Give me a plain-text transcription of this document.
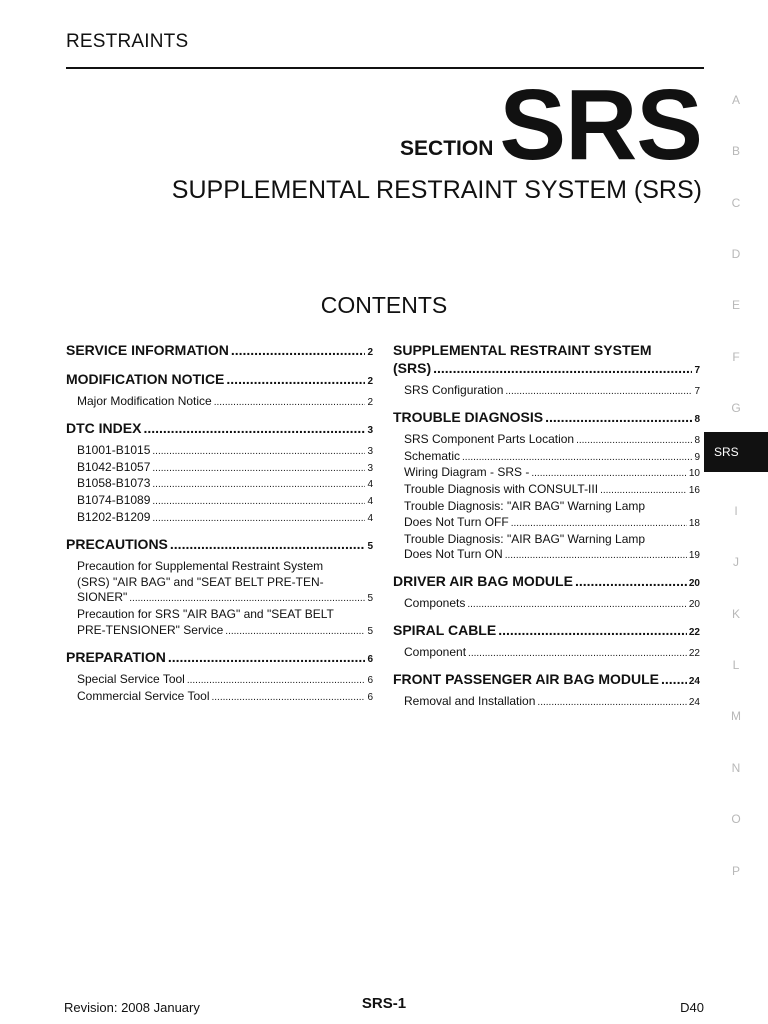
RESTRAINTS
SECTION SRS
SUPPLEMENTAL RESTRAINT SYSTEM (SRS)
CONTENTS
SERVICE INFORMATION .....	2
MODIFICATION NOTICE .....	2
Major Modification Notice .....	2
DTC INDEX .....	3
B1001-B1015 .....	3
B1042-B1057 .....	3
B1058-B1073 .....	4
B1074-B1089 .....	4
B1202-B1209 .....	4
PRECAUTIONS .....	5
Precaution for Supplemental Restraint System
(SRS) "AIR BAG" and "SEAT BELT PRE-TEN-
SIONER" .....	5
Precaution for SRS "AIR BAG" and "SEAT BELT
PRE-TENSIONER" Service .....	5
PREPARATION .....	6
Special Service Tool .....	6
Commercial Service Tool .....	6
SUPPLEMENTAL RESTRAINT SYSTEM
(SRS) .....	7
SRS Configuration .....	7
TROUBLE DIAGNOSIS .....	8
SRS Component Parts Location .....	8
Schematic .....	9
Wiring Diagram - SRS - .....	10
Trouble Diagnosis with CONSULT-III .....	16
Trouble Diagnosis: "AIR BAG" Warning Lamp
Does Not Turn OFF .....	18
Trouble Diagnosis: "AIR BAG" Warning Lamp
Does Not Turn ON .....	19
DRIVER AIR BAG MODULE .....	20
Componets .....	20
SPIRAL CABLE .....	22
Component .....	22
FRONT PASSENGER AIR BAG MODULE .....	24
Removal and Installation .....	24
A
B
C
D
E
F
G
SRS
I
J
K
L
M
N
O
P
Revision: 2008 January	SRS-1	D40
